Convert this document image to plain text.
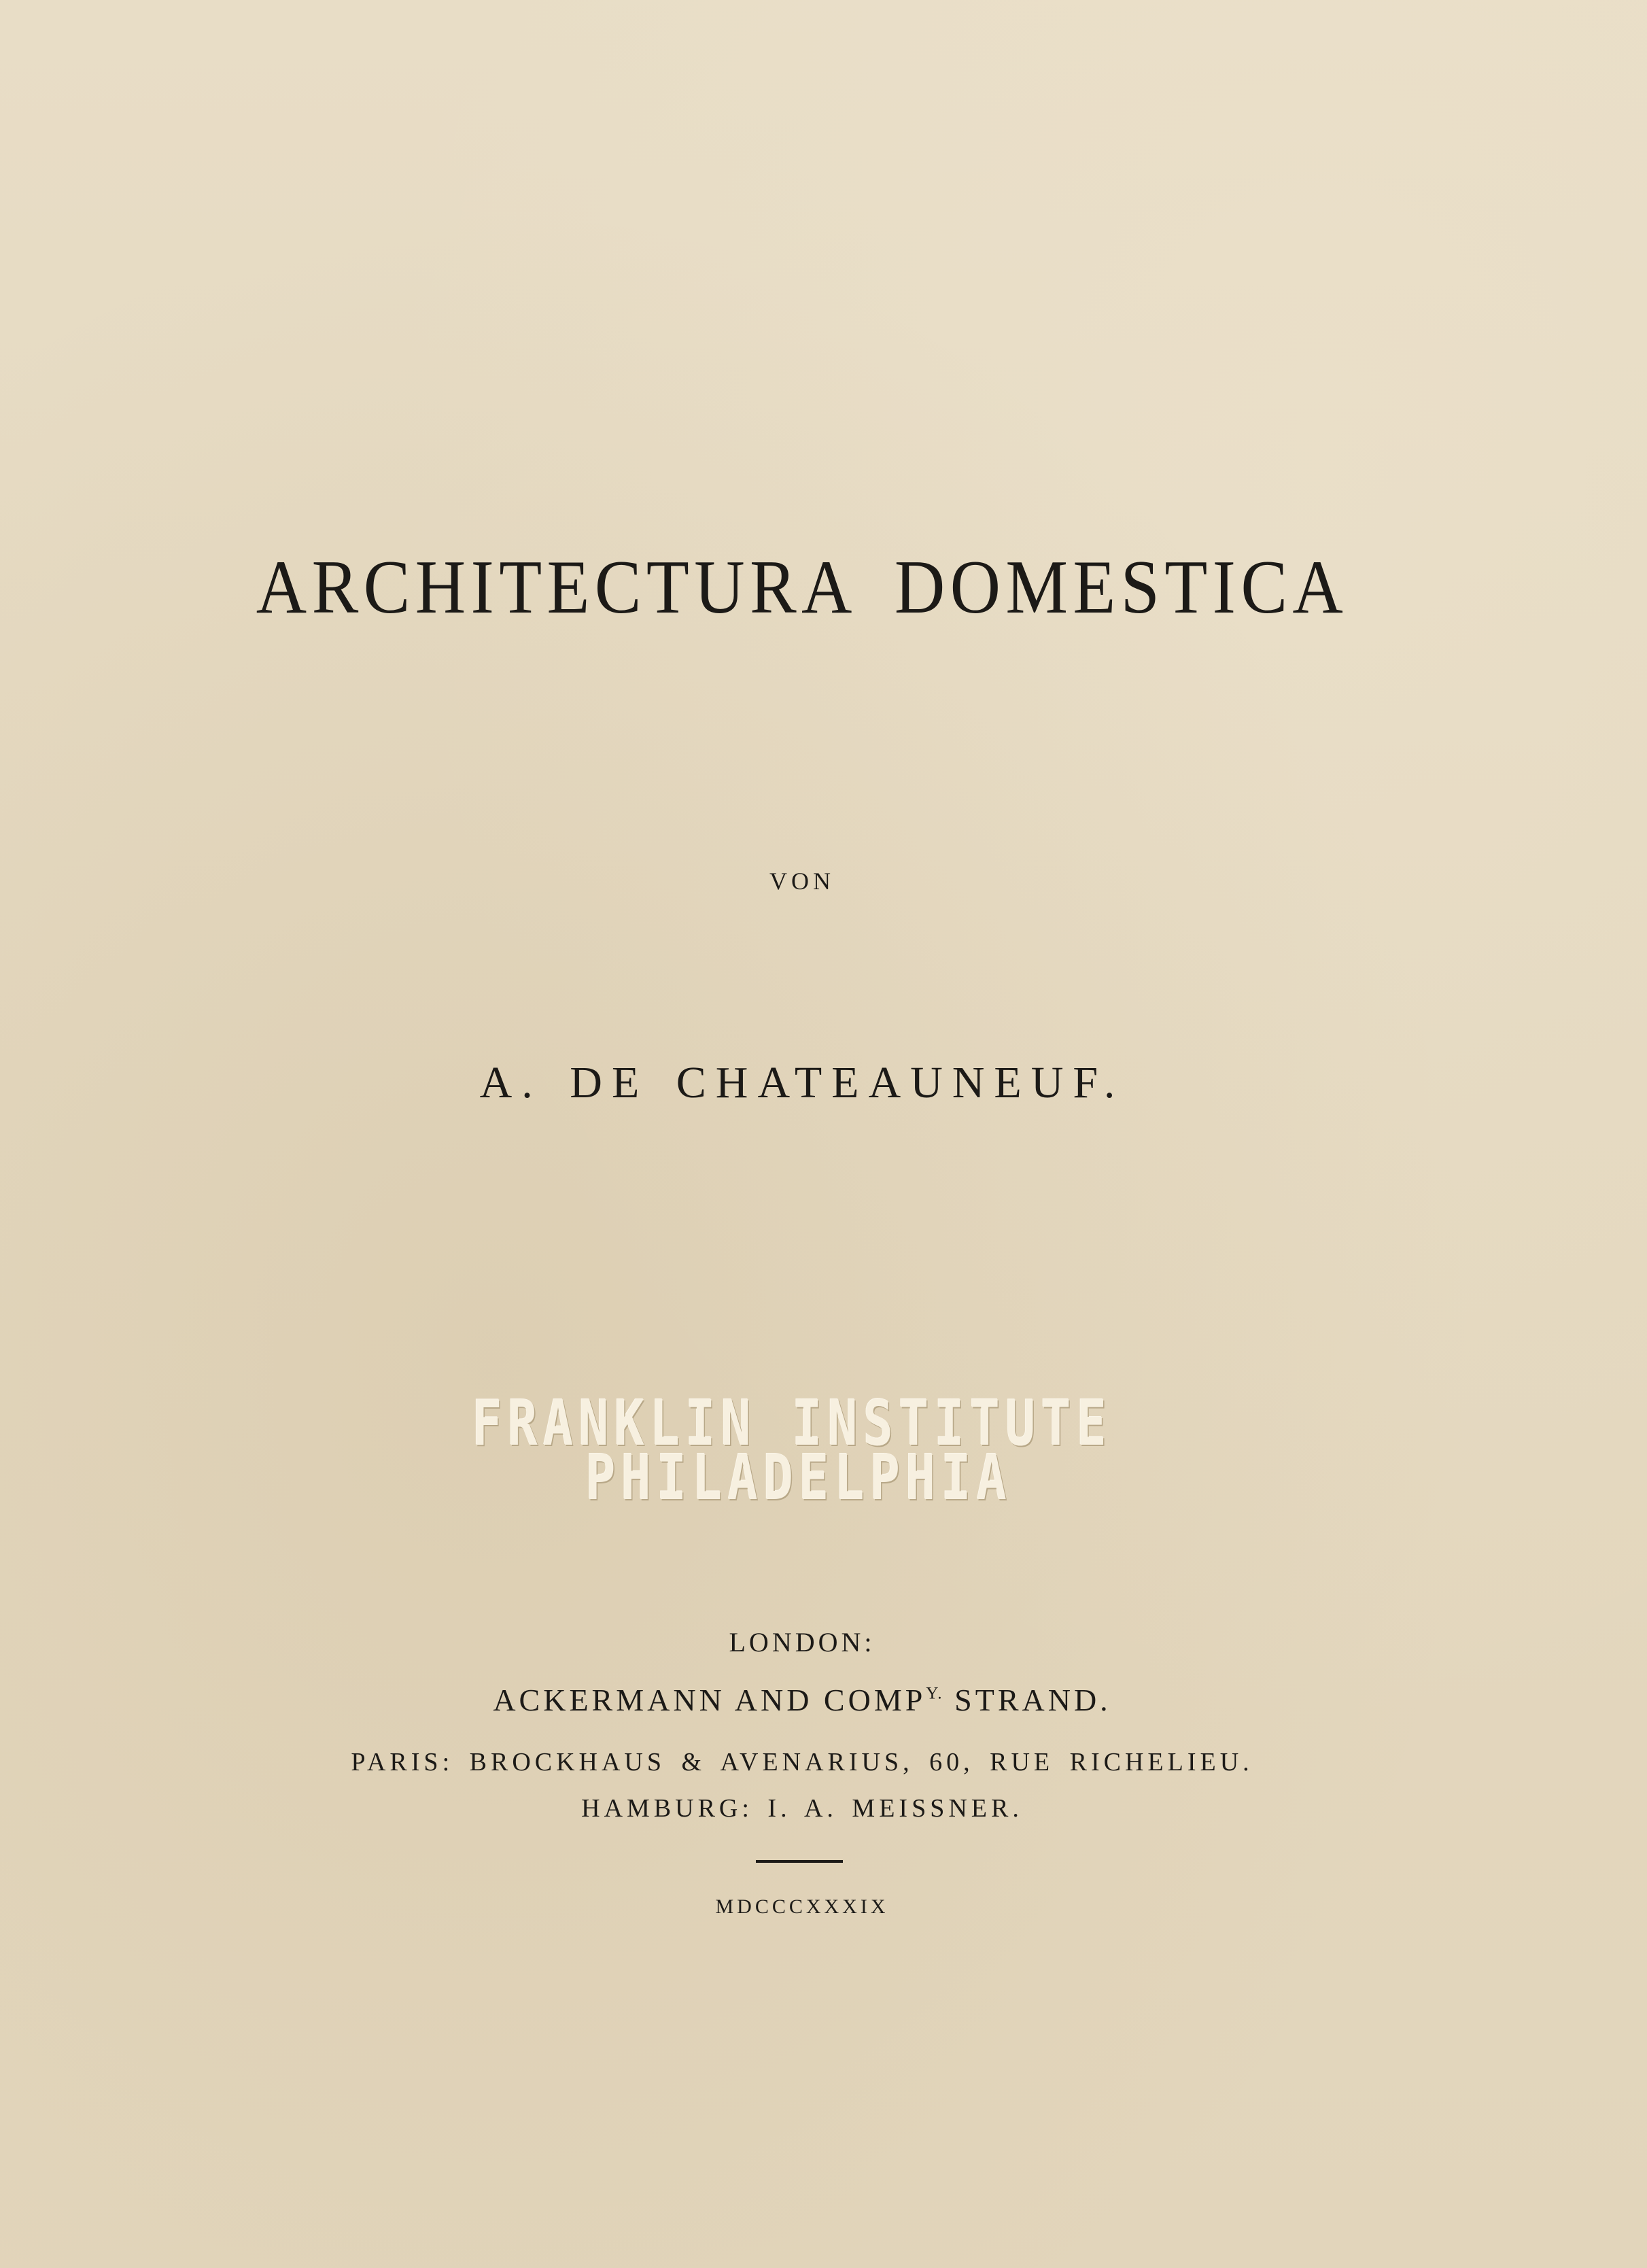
ARCHITECTURA DOMESTICA
VON
A. DE CHATEAUNEUF.
FRANKLIN INSTITUTE
PHILADELPHIA
LONDON:
ACKERMANN AND $COMP^{Y.}$ STRAND.
PARIS: BROCKHAUS & AVENARIUS, 60, RUE RICHELIEU.
HAMBURG: I. A. MEISSNER.
MDCCCXXXIX
